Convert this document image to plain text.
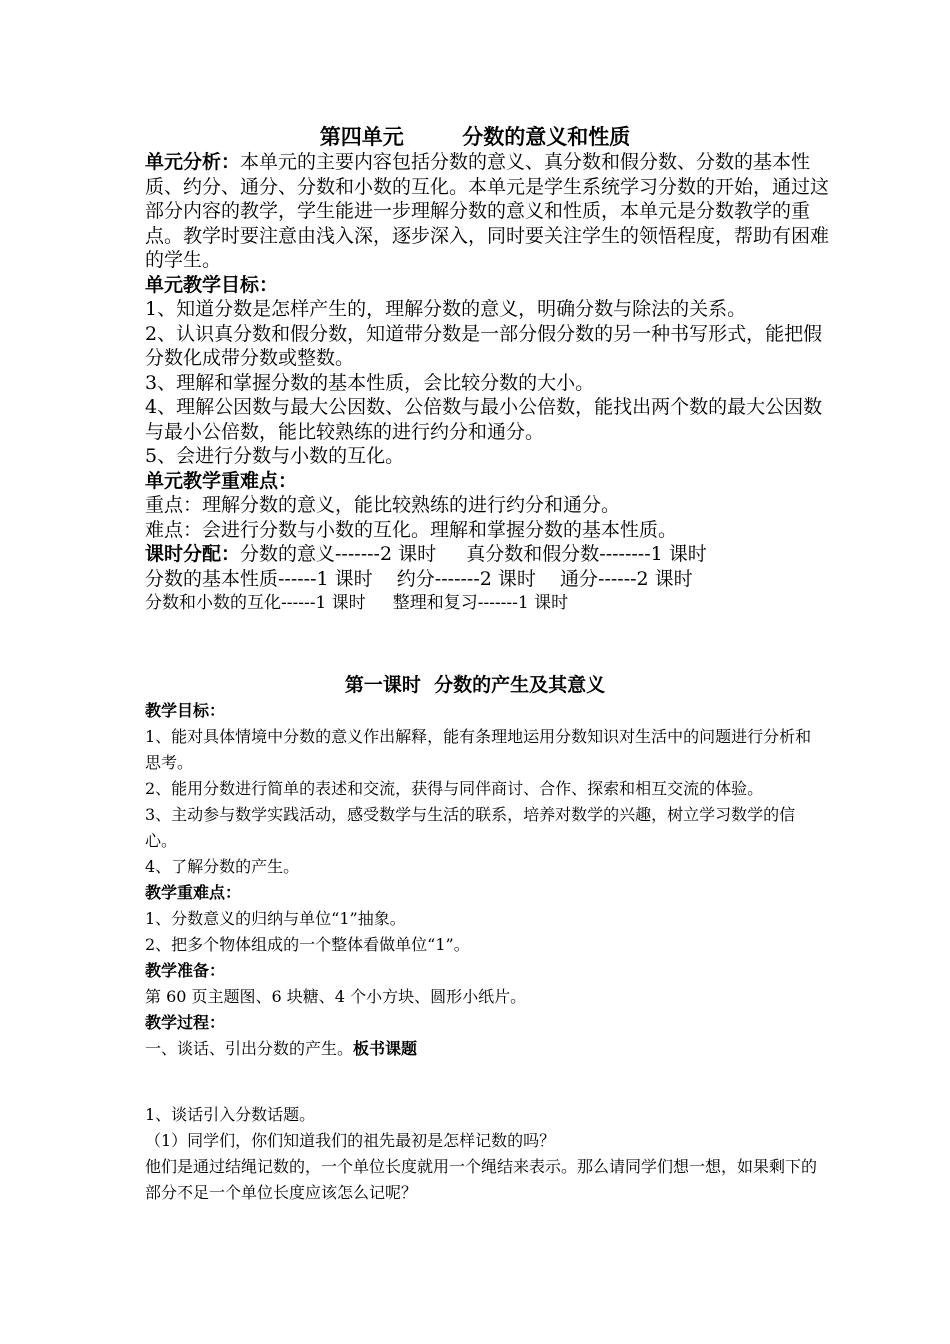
第四单元        分数的意义和性质

单元分析：本单元的主要内容包括分数的意义、真分数和假分数、分数的基本性质、约分、通分、分数和小数的互化。本单元是学生系统学习分数的开始，通过这部分内容的教学，学生能进一步理解分数的意义和性质，本单元是分数教学的重点。教学时要注意由浅入深，逐步深入，同时要关注学生的领悟程度，帮助有困难的学生。

单元教学目标：

1、知道分数是怎样产生的，理解分数的意义，明确分数与除法的关系。

2、认识真分数和假分数，知道带分数是一部分假分数的另一种书写形式，能把假分数化成带分数或整数。

3、理解和掌握分数的基本性质，会比较分数的大小。

4、理解公因数与最大公因数、公倍数与最小公倍数，能找出两个数的最大公因数与最小公倍数，能比较熟练的进行约分和通分。

5、会进行分数与小数的互化。

单元教学重难点：

重点：理解分数的意义，能比较熟练的进行约分和通分。

难点：会进行分数与小数的互化。理解和掌握分数的基本性质。

课时分配：分数的意义-------2 课时     真分数和假分数--------1 课时

分数的基本性质------1 课时    约分-------2 课时    通分------2 课时

分数和小数的互化------1 课时     整理和复习-------1 课时

第一课时  分数的产生及其意义

教学目标：

1、能对具体情境中分数的意义作出解释，能有条理地运用分数知识对生活中的问题进行分析和思考。

2、能用分数进行简单的表述和交流，获得与同伴商讨、合作、探索和相互交流的体验。

3、主动参与数学实践活动，感受数学与生活的联系，培养对数学的兴趣，树立学习数学的信心。

4、了解分数的产生。

教学重难点：

1、分数意义的归纳与单位“1”抽象。

2、把多个物体组成的一个整体看做单位“1”。

教学准备：

第 60 页主题图、6 块糖、4 个小方块、圆形小纸片。

教学过程：

一、谈话、引出分数的产生。板书课题

1、谈话引入分数话题。

（1）同学们，你们知道我们的祖先最初是怎样记数的吗？

他们是通过结绳记数的，一个单位长度就用一个绳结来表示。那么请同学们想一想，如果剩下的部分不足一个单位长度应该怎么记呢？
